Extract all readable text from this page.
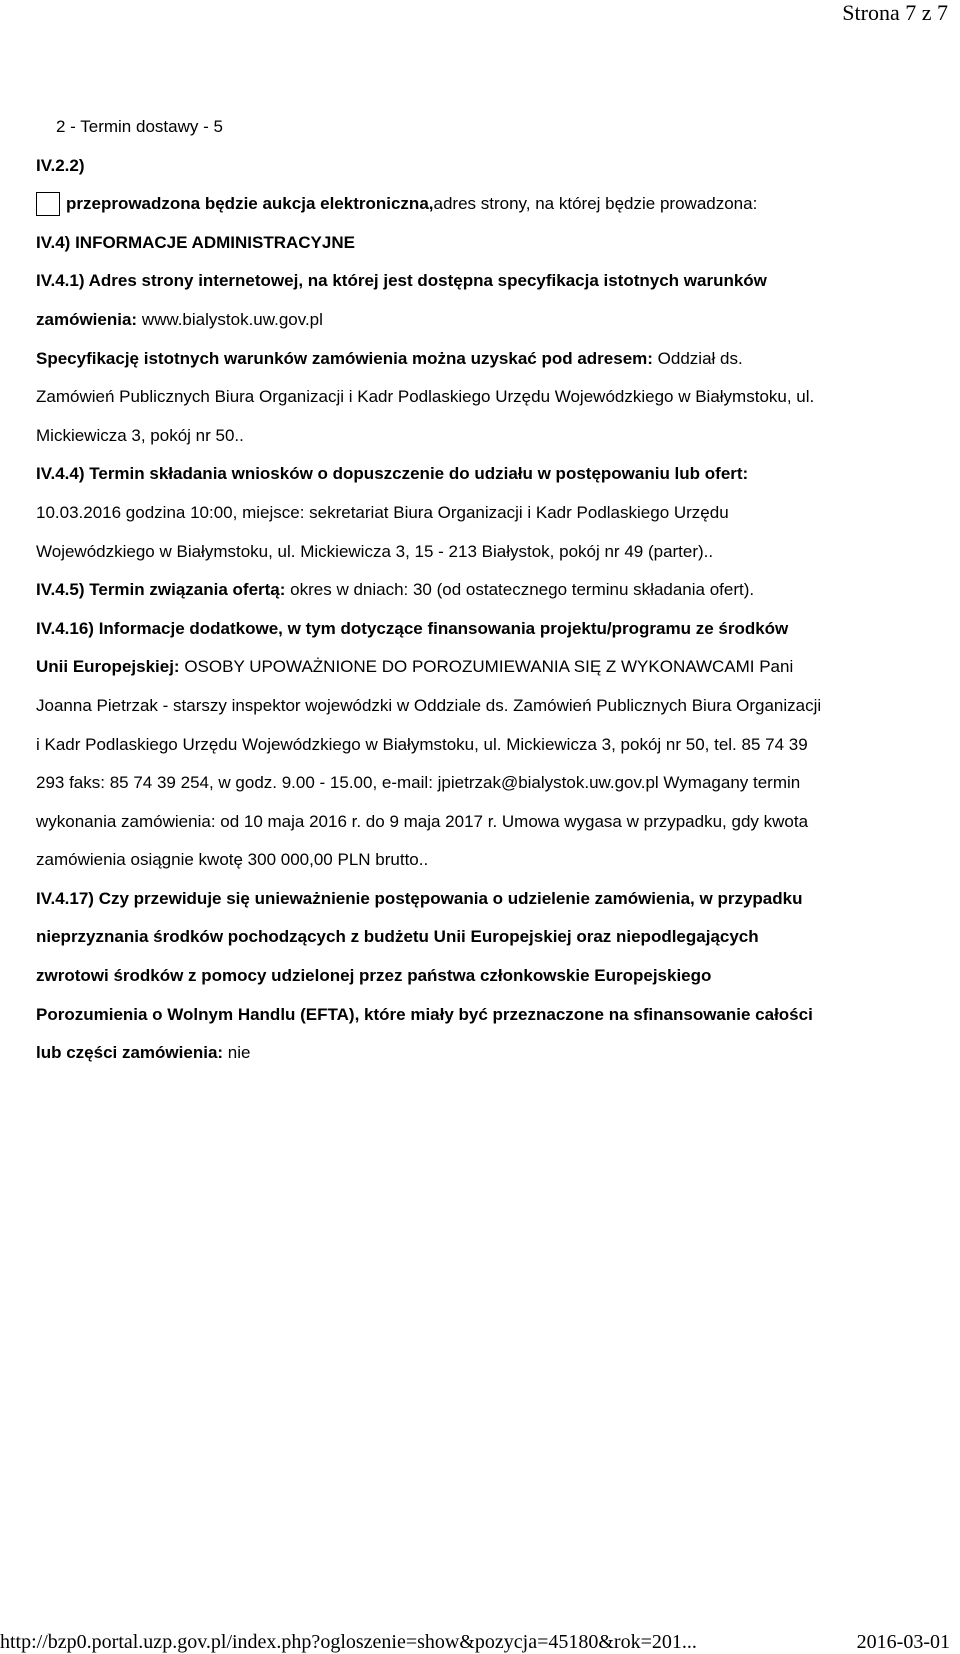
Strona 7 z 7
2 - Termin dostawy - 5
IV.2.2)
przeprowadzona będzie aukcja elektroniczna, adres strony, na której będzie prowadzona:
IV.4) INFORMACJE ADMINISTRACYJNE
IV.4.1) Adres strony internetowej, na której jest dostępna specyfikacja istotnych warunków
zamówienia: www.bialystok.uw.gov.pl
Specyfikację istotnych warunków zamówienia można uzyskać pod adresem: Oddział ds.
Zamówień Publicznych Biura Organizacji i Kadr Podlaskiego Urzędu Wojewódzkiego w Białymstoku, ul.
Mickiewicza 3, pokój nr 50..
IV.4.4) Termin składania wniosków o dopuszczenie do udziału w postępowaniu lub ofert:
10.03.2016 godzina 10:00, miejsce: sekretariat Biura Organizacji i Kadr Podlaskiego Urzędu
Wojewódzkiego w Białymstoku, ul. Mickiewicza 3, 15 - 213 Białystok, pokój nr 49 (parter)..
IV.4.5) Termin związania ofertą: okres w dniach: 30 (od ostatecznego terminu składania ofert).
IV.4.16) Informacje dodatkowe, w tym dotyczące finansowania projektu/programu ze środków
Unii Europejskiej: OSOBY UPOWAŻNIONE DO POROZUMIEWANIA SIĘ Z WYKONAWCAMI Pani
Joanna Pietrzak - starszy inspektor wojewódzki w Oddziale ds. Zamówień Publicznych Biura Organizacji
i Kadr Podlaskiego Urzędu Wojewódzkiego w Białymstoku, ul. Mickiewicza 3, pokój nr 50, tel. 85 74 39
293 faks: 85 74 39 254, w godz. 9.00 - 15.00, e-mail: jpietrzak@bialystok.uw.gov.pl Wymagany termin
wykonania zamówienia: od 10 maja 2016 r. do 9 maja 2017 r. Umowa wygasa w przypadku, gdy kwota
zamówienia osiągnie kwotę 300 000,00 PLN brutto..
IV.4.17) Czy przewiduje się unieważnienie postępowania o udzielenie zamówienia, w przypadku
nieprzyznania środków pochodzących z budżetu Unii Europejskiej oraz niepodlegających
zwrotowi środków z pomocy udzielonej przez państwa członkowskie Europejskiego
Porozumienia o Wolnym Handlu (EFTA), które miały być przeznaczone na sfinansowanie całości
lub części zamówienia: nie
http://bzp0.portal.uzp.gov.pl/index.php?ogloszenie=show&pozycja=45180&rok=201...	2016-03-01
